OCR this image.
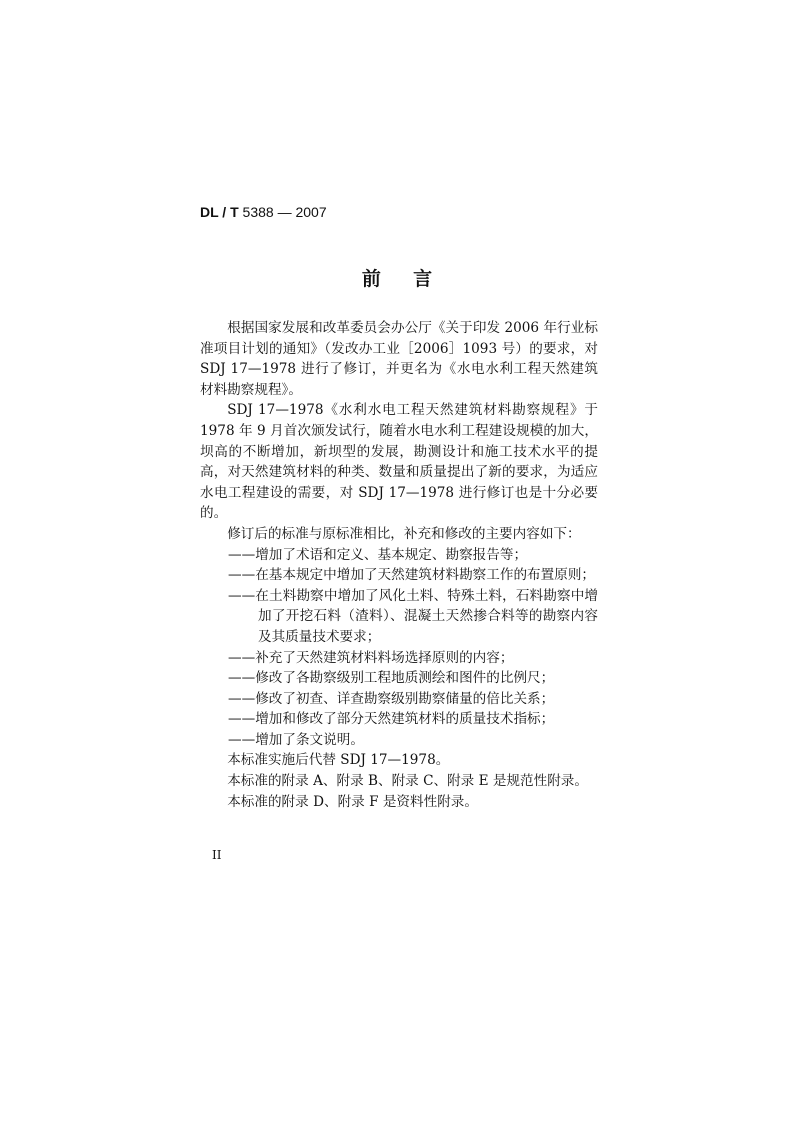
DL / T 5388 — 2007
前言

根据国家发展和改革委员会办公厅《关于印发 2006 年行业标准项目计划的通知》（发改办工业［2006］1093 号）的要求，对 SDJ 17—1978 进行了修订，并更名为《水电水利工程天然建筑材料勘察规程》。

SDJ 17—1978《水利水电工程天然建筑材料勘察规程》于 1978 年 9 月首次颁发试行，随着水电水利工程建设规模的加大，坝高的不断增加，新坝型的发展，勘测设计和施工技术水平的提高，对天然建筑材料的种类、数量和质量提出了新的要求，为适应水电工程建设的需要，对 SDJ 17—1978 进行修订也是十分必要的。

修订后的标准与原标准相比，补充和修改的主要内容如下：

——增加了术语和定义、基本规定、勘察报告等；

——在基本规定中增加了天然建筑材料勘察工作的布置原则；

——在土料勘察中增加了风化土料、特殊土料，石料勘察中增加了开挖石料（渣料）、混凝土天然掺合料等的勘察内容及其质量技术要求；

——补充了天然建筑材料料场选择原则的内容；

——修改了各勘察级别工程地质测绘和图件的比例尺；

——修改了初查、详查勘察级别勘察储量的倍比关系；

——增加和修改了部分天然建筑材料的质量技术指标；

——增加了条文说明。

本标准实施后代替 SDJ 17—1978。

本标准的附录 A、附录 B、附录 C、附录 E 是规范性附录。

本标准的附录 D、附录 F 是资料性附录。

II
